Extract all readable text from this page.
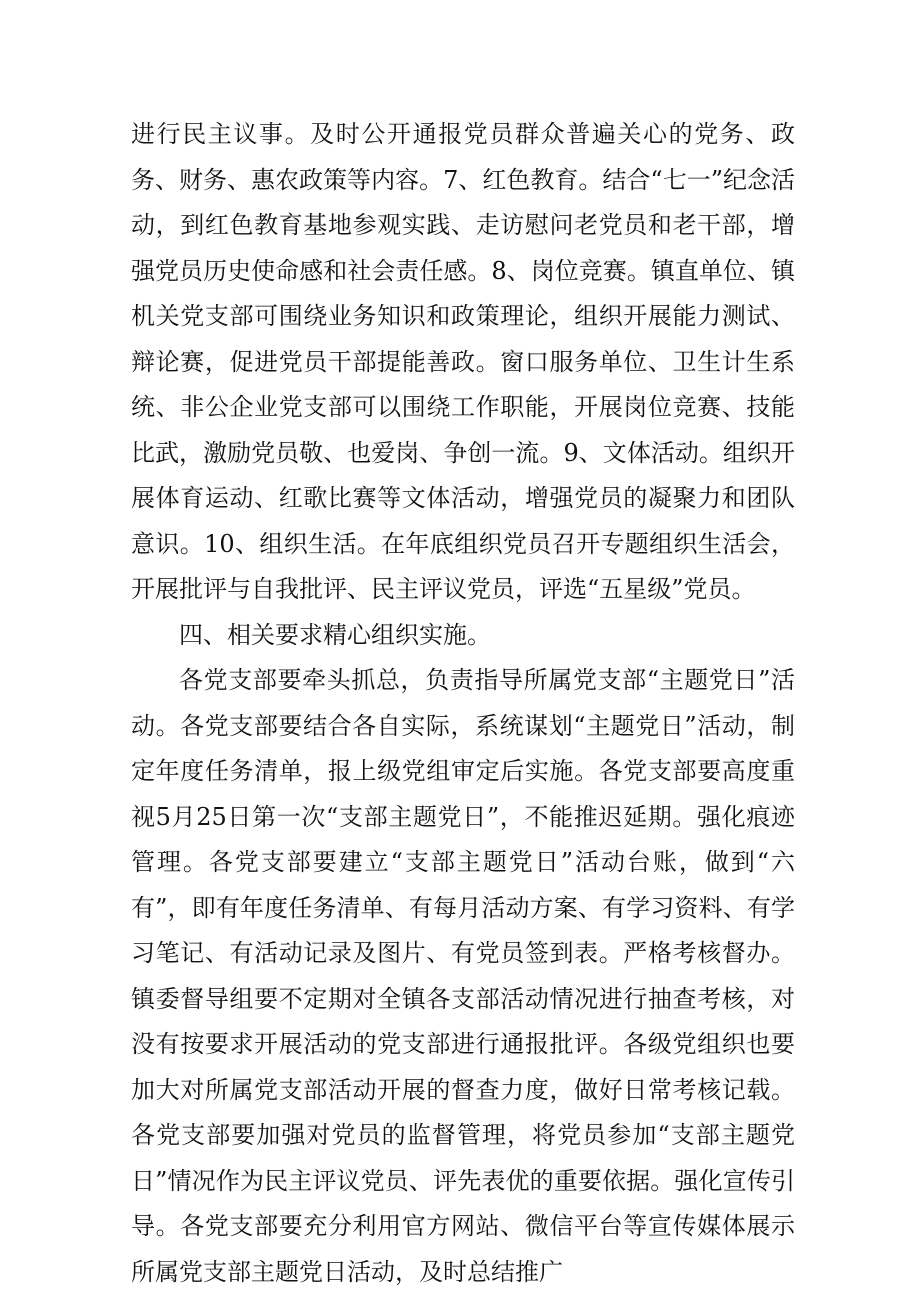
进行民主议事。及时公开通报党员群众普遍关心的党务、政务、财务、惠农政策等内容。7、红色教育。结合“七一”纪念活动，到红色教育基地参观实践、走访慰问老党员和老干部，增强党员历史使命感和社会责任感。8、岗位竞赛。镇直单位、镇机关党支部可围绕业务知识和政策理论，组织开展能力测试、辩论赛，促进党员干部提能善政。窗口服务单位、卫生计生系统、非公企业党支部可以围绕工作职能，开展岗位竞赛、技能比武，激励党员敬、也爱岗、争创一流。9、文体活动。组织开展体育运动、红歌比赛等文体活动，增强党员的凝聚力和团队意识。10、组织生活。在年底组织党员召开专题组织生活会，开展批评与自我批评、民主评议党员，评选“五星级”党员。

四、相关要求精心组织实施。

各党支部要牵头抓总，负责指导所属党支部“主题党日”活动。各党支部要结合各自实际，系统谋划“主题党日”活动，制定年度任务清单，报上级党组审定后实施。各党支部要高度重视5月25日第一次“支部主题党日”，不能推迟延期。强化痕迹管理。各党支部要建立“支部主题党日”活动台账，做到“六有”，即有年度任务清单、有每月活动方案、有学习资料、有学习笔记、有活动记录及图片、有党员签到表。严格考核督办。镇委督导组要不定期对全镇各支部活动情况进行抽查考核，对没有按要求开展活动的党支部进行通报批评。各级党组织也要加大对所属党支部活动开展的督查力度，做好日常考核记载。各党支部要加强对党员的监督管理，将党员参加“支部主题党日”情况作为民主评议党员、评先表优的重要依据。强化宣传引导。各党支部要充分利用官方网站、微信平台等宣传媒体展示所属党支部主题党日活动，及时总结推广
